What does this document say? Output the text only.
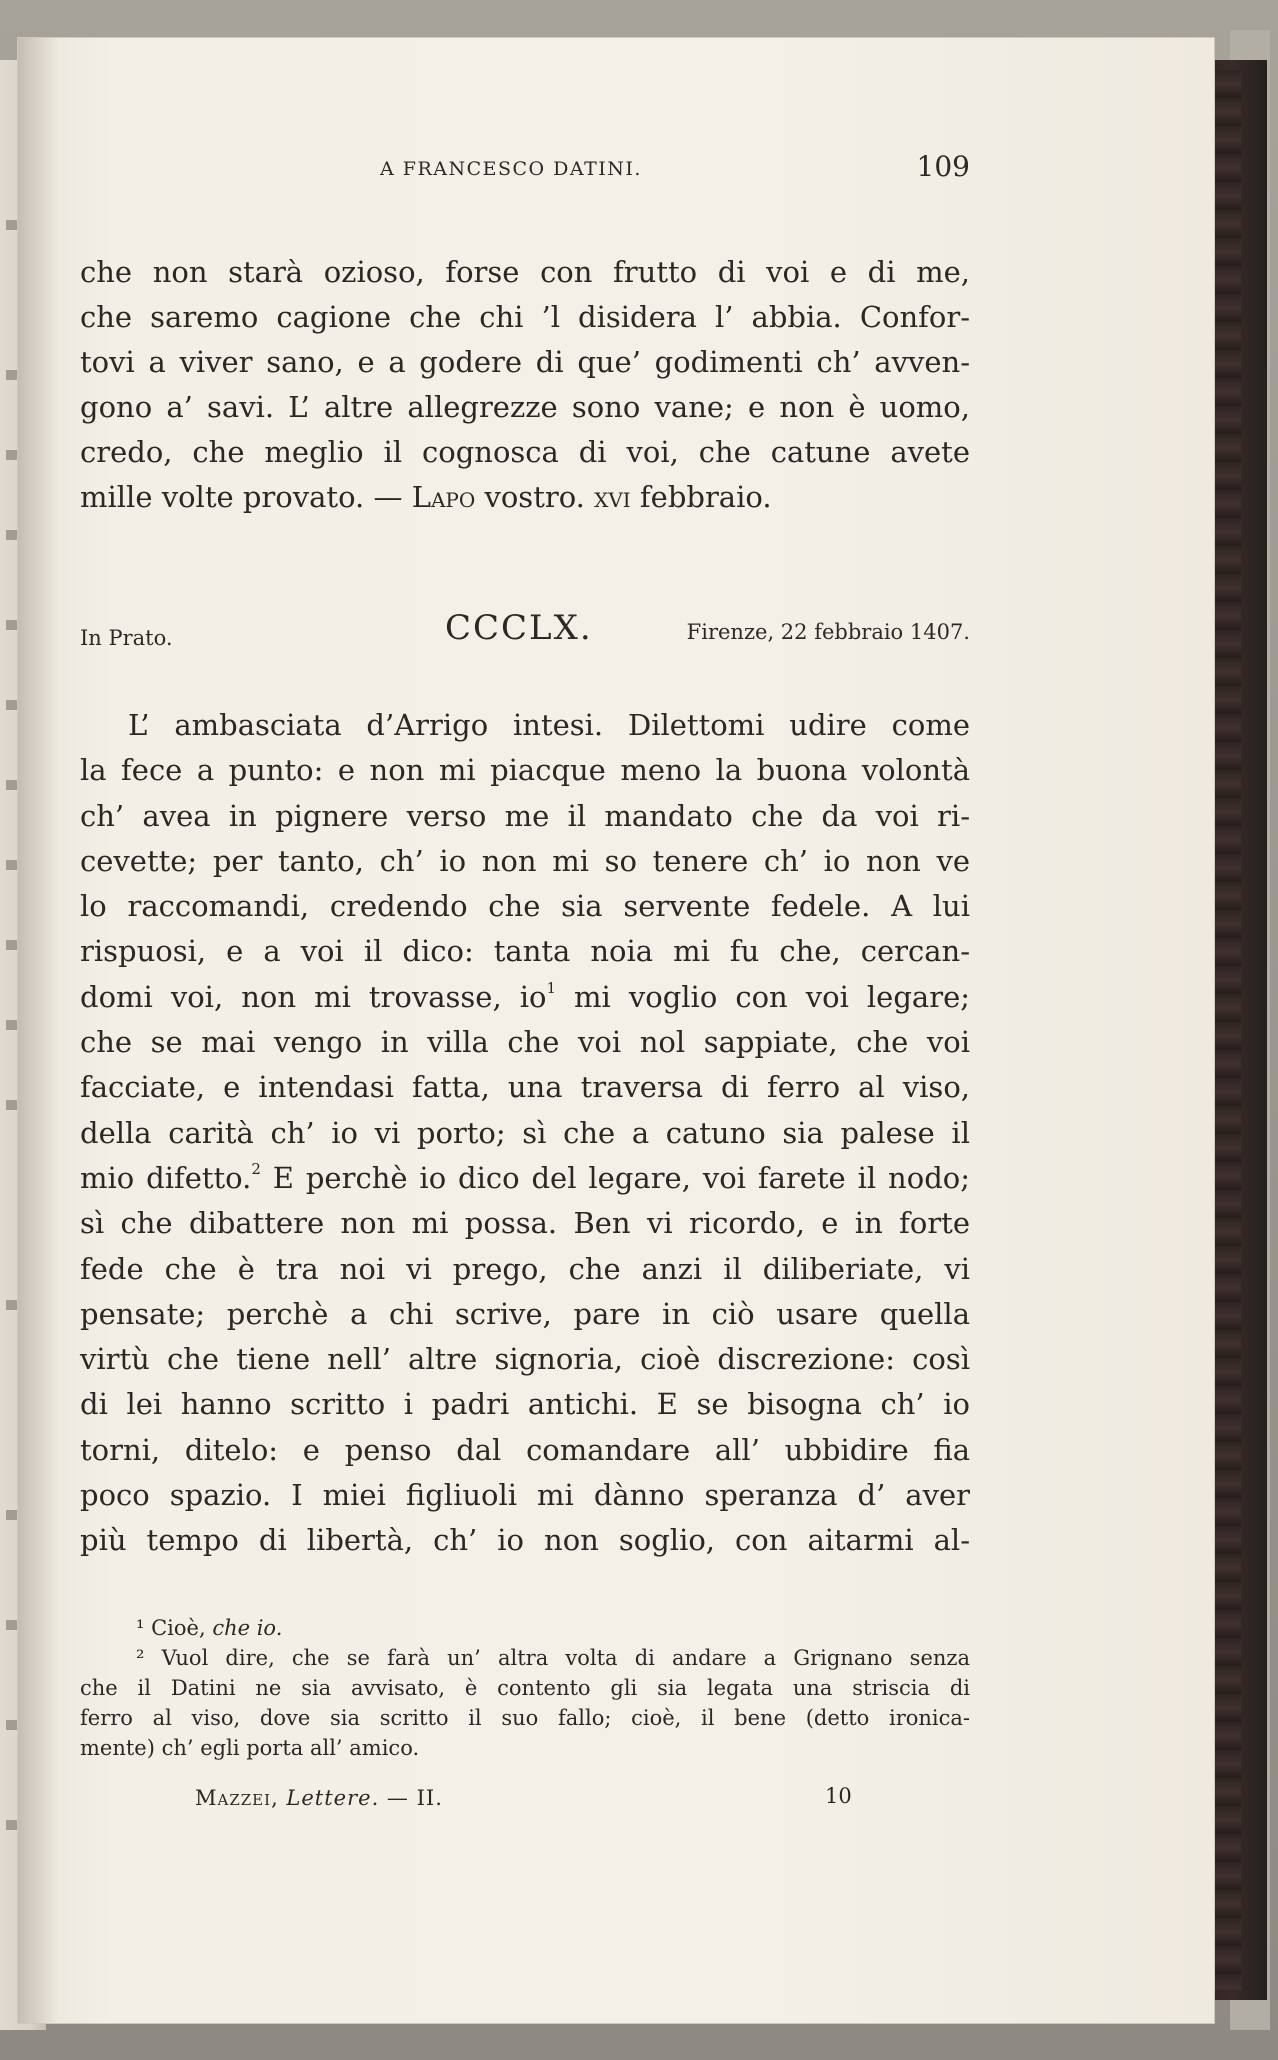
A FRANCESCO DATINI.	109
che non starà ozioso, forse con frutto di voi e di me,
che saremo cagione che chi ’l disidera l’ abbia. Confor-
tovi a viver sano, e a godere di que’ godimenti ch’ avven-
gono a’ savi. L’ altre allegrezze sono vane; e non è uomo,
credo, che meglio il cognosca di voi, che catune avete
mille volte provato. — Lapo vostro. xvi febbraio.
In Prato.	CCCLX.	Firenze, 22 febbraio 1407.
L’ ambasciata d’Arrigo intesi. Dilettomi udire come
la fece a punto: e non mi piacque meno la buona volontà
ch’ avea in pignere verso me il mandato che da voi ri-
cevette; per tanto, ch’ io non mi so tenere ch’ io non ve
lo raccomandi, credendo che sia servente fedele. A lui
rispuosi, e a voi il dico: tanta noia mi fu che, cercan-
domi voi, non mi trovasse, $io^1$ mi voglio con voi legare;
che se mai vengo in villa che voi nol sappiate, che voi
facciate, e intendasi fatta, una traversa di ferro al viso,
della carità ch’ io vi porto; sì che a catuno sia palese il
mio difetto.$^2$ E perchè io dico del legare, voi farete il nodo;
sì che dibattere non mi possa. Ben vi ricordo, e in forte
fede che è tra noi vi prego, che anzi il diliberiate, vi
pensate; perchè a chi scrive, pare in ciò usare quella
virtù che tiene nell’ altre signoria, cioè discrezione: così
di lei hanno scritto i padri antichi. E se bisogna ch’ io
torni, ditelo: e penso dal comandare all’ ubbidire fia
poco spazio. I miei figliuoli mi dànno speranza d’ aver
più tempo di libertà, ch’ io non soglio, con aitarmi al-
¹ Cioè, che io.
² Vuol dire, che se farà un’ altra volta di andare a Grignano senza
che il Datini ne sia avvisato, è contento gli sia legata una striscia di
ferro al viso, dove sia scritto il suo fallo; cioè, il bene (detto ironica-
mente) ch’ egli porta all’ amico.
Mazzei, Lettere. — II.	10
